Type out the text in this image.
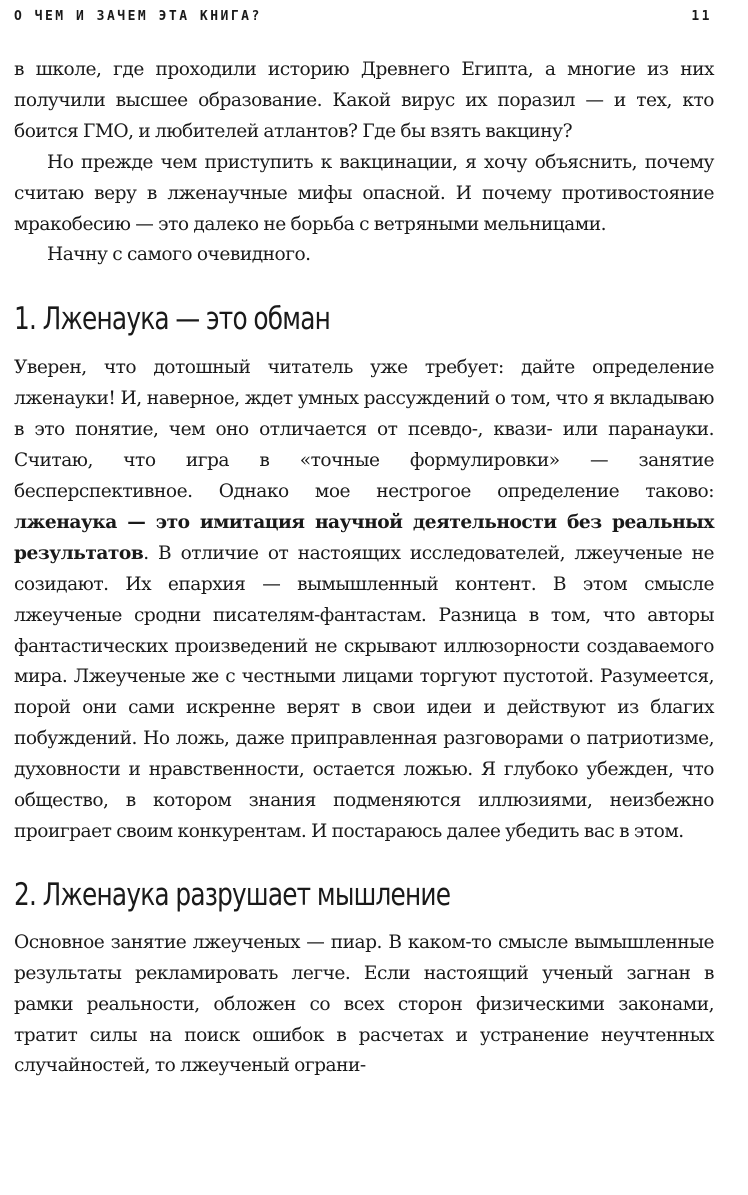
О ЧЕМ И ЗАЧЕМ ЭТА КНИГА?	11

в школе, где проходили историю Древнего Египта, а многие из них получили высшее образование. Какой вирус их поразил — и тех, кто боится ГМО, и любителей атлантов? Где бы взять вакцину?

Но прежде чем приступить к вакцинации, я хочу объяснить, почему считаю веру в лженаучные мифы опасной. И почему противостояние мракобесию — это далеко не борьба с ветряными мельницами.

Начну с самого очевидного.

1. Лженаука — это обман

Уверен, что дотошный читатель уже требует: дайте определение лженауки! И, наверное, ждет умных рассуждений о том, что я вкладываю в это понятие, чем оно отличается от псевдо-, квази- или паранауки. Считаю, что игра в «точные формулировки» — занятие бесперспективное. Однако мое нестрогое определение таково: лженаука — это имитация научной деятельности без реальных результатов. В отличие от настоящих исследователей, лжеученые не созидают. Их епархия — вымышленный контент. В этом смысле лжеученые сродни писателям-фантастам. Разница в том, что авторы фантастических произведений не скрывают иллюзорности создаваемого мира. Лжеученые же с честными лицами торгуют пустотой. Разумеется, порой они сами искренне верят в свои идеи и действуют из благих побуждений. Но ложь, даже приправленная разговорами о патриотизме, духовности и нравственности, остается ложью. Я глубоко убежден, что общество, в котором знания подменяются иллюзиями, неизбежно проиграет своим конкурентам. И постараюсь далее убедить вас в этом.

2. Лженаука разрушает мышление

Основное занятие лжеученых — пиар. В каком-то смысле вымышленные результаты рекламировать легче. Если настоящий ученый загнан в рамки реальности, обложен со всех сторон физическими законами, тратит силы на поиск ошибок в расчетах и устранение неучтенных случайностей, то лжеученый ограни-
